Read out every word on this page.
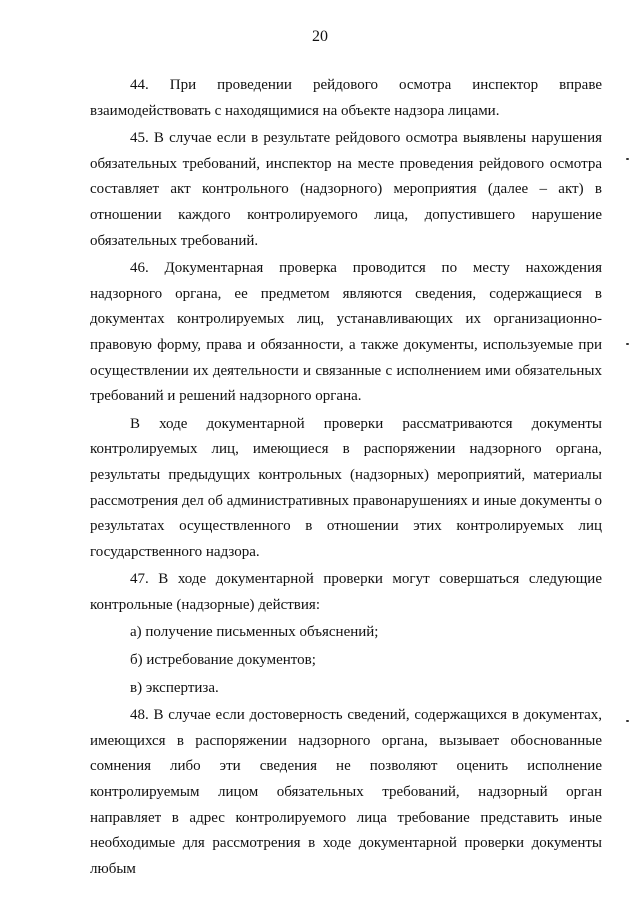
20

44. При проведении рейдового осмотра инспектор вправе взаимодействовать с находящимися на объекте надзора лицами.

45. В случае если в результате рейдового осмотра выявлены нарушения обязательных требований, инспектор на месте проведения рейдового осмотра составляет акт контрольного (надзорного) мероприятия (далее – акт) в отношении каждого контролируемого лица, допустившего нарушение обязательных требований.

46. Документарная проверка проводится по месту нахождения надзорного органа, ее предметом являются сведения, содержащиеся в документах контролируемых лиц, устанавливающих их организационно-правовую форму, права и обязанности, а также документы, используемые при осуществлении их деятельности и связанные с исполнением ими обязательных требований и решений надзорного органа.

В ходе документарной проверки рассматриваются документы контролируемых лиц, имеющиеся в распоряжении надзорного органа, результаты предыдущих контрольных (надзорных) мероприятий, материалы рассмотрения дел об административных правонарушениях и иные документы о результатах осуществленного в отношении этих контролируемых лиц государственного надзора.

47. В ходе документарной проверки могут совершаться следующие контрольные (надзорные) действия:

а) получение письменных объяснений;

б) истребование документов;

в) экспертиза.

48. В случае если достоверность сведений, содержащихся в документах, имеющихся в распоряжении надзорного органа, вызывает обоснованные сомнения либо эти сведения не позволяют оценить исполнение контролируемым лицом обязательных требований, надзорный орган направляет в адрес контролируемого лица требование представить иные необходимые для рассмотрения в ходе документарной проверки документы любым
